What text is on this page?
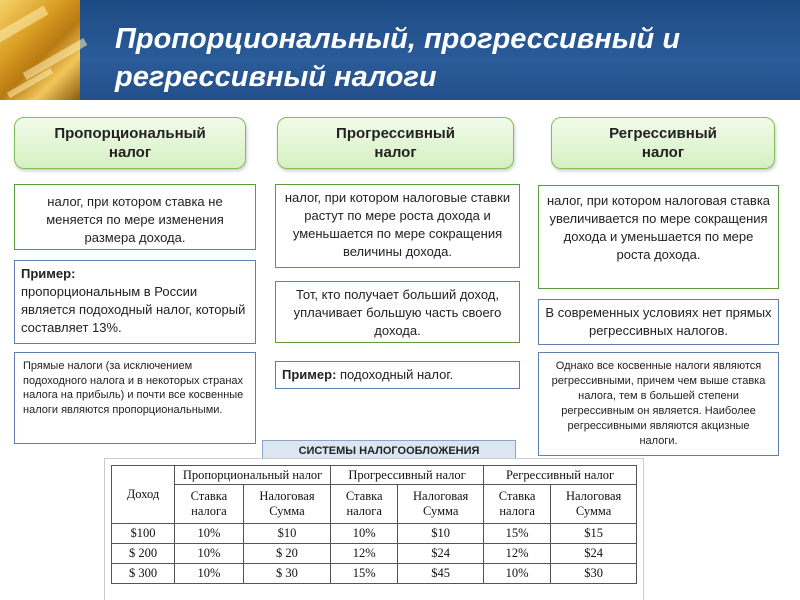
Пропорциональный, прогрессивный и регрессивный налоги
Пропорциональный налог
Прогрессивный налог
Регрессивный налог
налог, при котором ставка не меняется по мере изменения размера дохода.
Пример:
пропорциональным в России является подоходный налог, который составляет 13%.
Прямые налоги (за исключением подоходного налога и в некоторых странах налога на прибыль) и почти все косвенные налоги являются пропорциональными.
налог, при котором налоговые ставки растут по мере роста дохода и уменьшается по мере сокращения величины дохода.
Тот, кто получает больший доход, уплачивает большую часть своего дохода.
Пример: подоходный налог.
налог, при котором налоговая ставка увеличивается по мере сокращения дохода и уменьшается по мере роста дохода.
В современных условиях нет прямых регрессивных налогов.
Однако все косвенные налоги являются регрессивными, причем чем выше ставка налога, тем в большей степени регрессивным он является. Наиболее регрессивными являются акцизные налоги.
СИСТЕМЫ НАЛОГООБЛОЖЕНИЯ
Доход	Пропорциональный налог		Прогрессивный налог		Регрессивный налог	
	Ставка налога	Налоговая Сумма	Ставка налога	Налоговая Сумма	Ставка налога	Налоговая Сумма
$100	10%	$10	10%	$10	15%	$15
$ 200	10%	$ 20	12%	$24	12%	$24
$ 300	10%	$ 30	15%	$45	10%	$30
